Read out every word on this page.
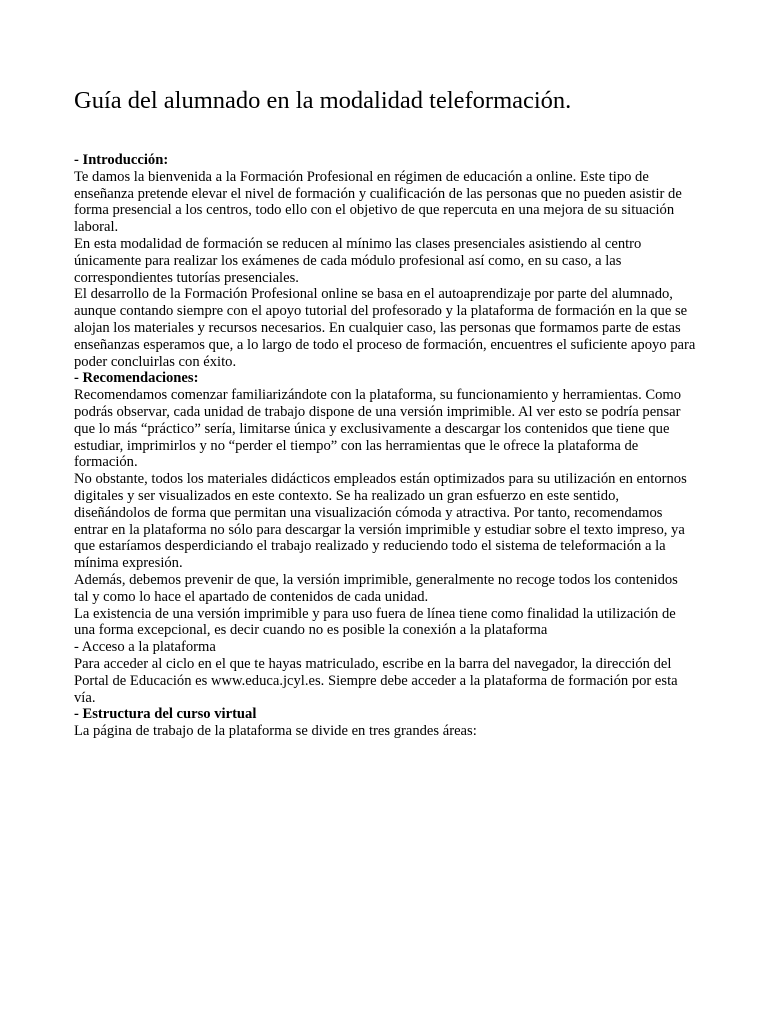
Guía del alumnado en la modalidad teleformación.

- Introducción:

Te damos la bienvenida a la Formación Profesional en régimen de educación a online. Este tipo de enseñanza pretende elevar el nivel de formación y cualificación de las personas que no pueden asistir de forma presencial a los centros, todo ello con el objetivo de que repercuta en una mejora de su situación laboral.

En esta modalidad de formación se reducen al mínimo las clases presenciales asistiendo al centro únicamente para realizar los exámenes de cada módulo profesional así como, en su caso, a las correspondientes tutorías presenciales.

El desarrollo de la Formación Profesional online se basa en el autoaprendizaje por parte del alumnado, aunque contando siempre con el apoyo tutorial del profesorado y la plataforma de formación en la que se alojan los materiales y recursos necesarios. En cualquier caso, las personas que formamos parte de estas enseñanzas esperamos que, a lo largo de todo el proceso de formación, encuentres el suficiente apoyo para poder concluirlas con éxito.

- Recomendaciones:

Recomendamos comenzar familiarizándote con la plataforma, su funcionamiento y herramientas. Como podrás observar, cada unidad de trabajo dispone de una versión imprimible. Al ver esto se podría pensar que lo más “práctico” sería, limitarse única y exclusivamente a descargar los contenidos que tiene que estudiar, imprimirlos y no “perder el tiempo” con las herramientas que le ofrece la plataforma de formación.

No obstante, todos los materiales didácticos empleados están optimizados para su utilización en entornos digitales y ser visualizados en este contexto. Se ha realizado un gran esfuerzo en este sentido, diseñándolos de forma que permitan una visualización cómoda y atractiva. Por tanto, recomendamos entrar en la plataforma no sólo para descargar la versión imprimible y estudiar sobre el texto impreso, ya que estaríamos desperdiciando el trabajo realizado y reduciendo todo el sistema de teleformación a la mínima expresión.

Además, debemos prevenir de que, la versión imprimible, generalmente no recoge todos los contenidos tal y como lo hace el apartado de contenidos de cada unidad.

La existencia de una versión imprimible y para uso fuera de línea tiene como finalidad la utilización de una forma excepcional, es decir cuando no es posible la conexión a la plataforma

- Acceso a la plataforma

Para acceder al ciclo en el que te hayas matriculado, escribe en la barra del navegador, la dirección del Portal de Educación es www.educa.jcyl.es. Siempre debe acceder a la plataforma de formación por esta vía.

- Estructura del curso virtual

La página de trabajo de la plataforma se divide en tres grandes áreas:
